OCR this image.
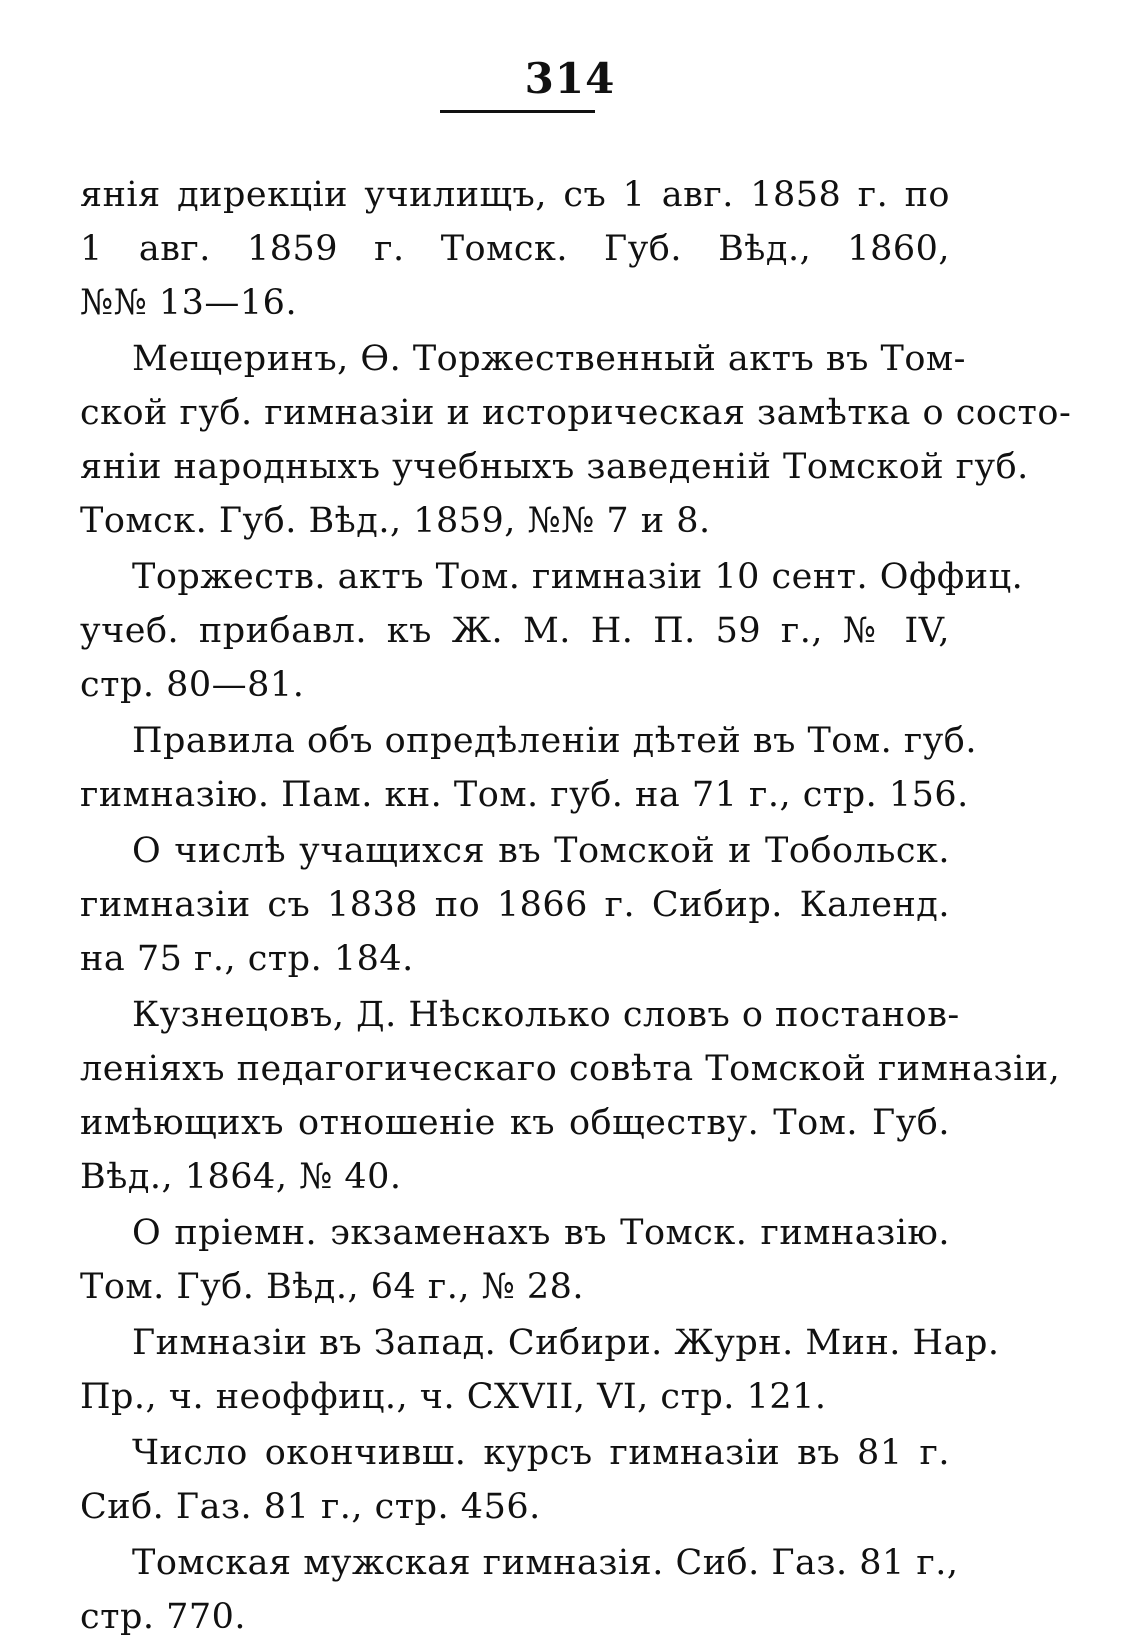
314
янія дирекціи училищъ, съ 1 авг. 1858 г. по
1 авг. 1859 г. Томск. Губ. Вѣд., 1860,
№№ 13—16.
Мещеринъ, Ѳ. Торжественный актъ въ Том-
ской губ. гимназіи и историческая замѣтка о состо-
яніи народныхъ учебныхъ заведеній Томской губ.
Томск. Губ. Вѣд., 1859, №№ 7 и 8.
Торжеств. актъ Том. гимназіи 10 сент. Оффиц.
учеб. прибавл. къ Ж. М. Н. П. 59 г., № IV,
стр. 80—81.
Правила объ опредѣленіи дѣтей въ Том. губ.
гимназію. Пам. кн. Том. губ. на 71 г., стр. 156.
О числѣ учащихся въ Томской и Тобольск.
гимназіи съ 1838 по 1866 г. Сибир. Календ.
на 75 г., стр. 184.
Кузнецовъ, Д. Нѣсколько словъ о постанов-
леніяхъ педагогическаго совѣта Томской гимназіи,
имѣющихъ отношеніе къ обществу. Том. Губ.
Вѣд., 1864, № 40.
О пріемн. экзаменахъ въ Томск. гимназію.
Том. Губ. Вѣд., 64 г., № 28.
Гимназіи въ Запад. Сибири. Журн. Мин. Нар.
Пр., ч. неоффиц., ч. CXVII, VI, стр. 121.
Число окончивш. курсъ гимназіи въ 81 г.
Сиб. Газ. 81 г., стр. 456.
Томская мужская гимназія. Сиб. Газ. 81 г.,
стр. 770.
